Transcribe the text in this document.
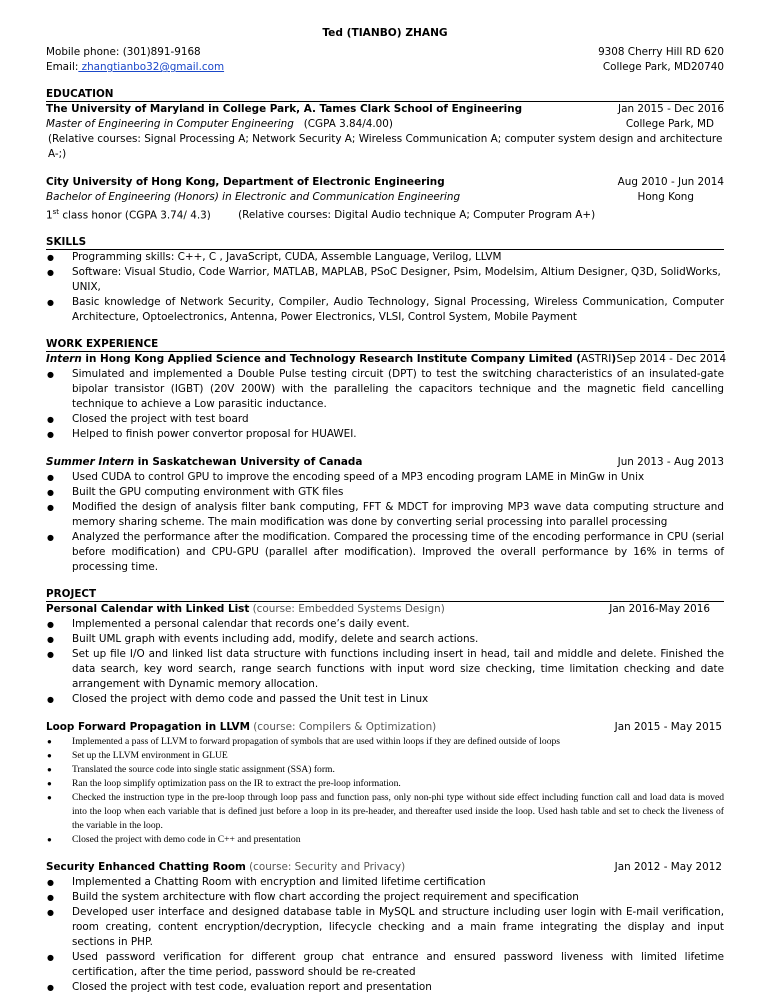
Ted (TIANBO) ZHANG
Mobile phone: (301)891-9168	9308 Cherry Hill RD 620
Email: zhangtianbo32@gmail.com	College Park, MD20740
EDUCATION
The University of Maryland in College Park, A. Tames Clark School of Engineering	Jan 2015 - Dec 2016
Master of Engineering in Computer Engineering (CGPA 3.84/4.00)	College Park, MD
(Relative courses: Signal Processing A; Network Security A; Wireless Communication A; computer system design and architecture A-;)
City University of Hong Kong, Department of Electronic Engineering	Aug 2010 - Jun 2014
Bachelor of Engineering (Honors) in Electronic and Communication Engineering	Hong Kong
1st class honor (CGPA 3.74/ 4.3)	(Relative courses: Digital Audio technique A; Computer Program A+)
SKILLS
● Programming skills: C++, C , JavaScript, CUDA, Assemble Language, Verilog, LLVM
● Software: Visual Studio, Code Warrior, MATLAB, MAPLAB, PSoC Designer, Psim, Modelsim, Altium Designer, Q3D, SolidWorks, UNIX,
● Basic knowledge of Network Security, Compiler, Audio Technology, Signal Processing, Wireless Communication, Computer Architecture, Optoelectronics, Antenna, Power Electronics, VLSI, Control System, Mobile Payment
WORK EXPERIENCE
Intern in Hong Kong Applied Science and Technology Research Institute Company Limited (ASTRI) Sep 2014 - Dec 2014
● Simulated and implemented a Double Pulse testing circuit (DPT) to test the switching characteristics of an insulated-gate bipolar transistor (IGBT) (20V 200W) with the paralleling the capacitors technique and the magnetic field cancelling technique to achieve a Low parasitic inductance.
● Closed the project with test board
● Helped to finish power convertor proposal for HUAWEI.
Summer Intern in Saskatchewan University of Canada	Jun 2013 - Aug 2013
● Used CUDA to control GPU to improve the encoding speed of a MP3 encoding program LAME in MinGw in Unix
● Built the GPU computing environment with GTK files
● Modified the design of analysis filter bank computing, FFT & MDCT for improving MP3 wave data computing structure and memory sharing scheme. The main modification was done by converting serial processing into parallel processing
● Analyzed the performance after the modification. Compared the processing time of the encoding performance in CPU (serial before modification) and CPU-GPU (parallel after modification). Improved the overall performance by 16% in terms of processing time.
PROJECT
Personal Calendar with Linked List (course: Embedded Systems Design)	Jan 2016-May 2016
● Implemented a personal calendar that records one’s daily event.
● Built UML graph with events including add, modify, delete and search actions.
● Set up file I/O and linked list data structure with functions including insert in head, tail and middle and delete. Finished the data search, key word search, range search functions with input word size checking, time limitation checking and date arrangement with Dynamic memory allocation.
● Closed the project with demo code and passed the Unit test in Linux
Loop Forward Propagation in LLVM (course: Compilers & Optimization)	Jan 2015 - May 2015
● Implemented a pass of LLVM to forward propagation of symbols that are used within loops if they are defined outside of loops
● Set up the LLVM environment in GLUE
● Translated the source code into single static assignment (SSA) form.
● Ran the loop simplify optimization pass on the IR to extract the pre-loop information.
● Checked the instruction type in the pre-loop through loop pass and function pass, only non-phi type without side effect including function call and load data is moved into the loop when each variable that is defined just before a loop in its pre-header, and thereafter used inside the loop. Used hash table and set to check the liveness of the variable in the loop.
● Closed the project with demo code in C++ and presentation
Security Enhanced Chatting Room (course: Security and Privacy)	Jan 2012 - May 2012
● Implemented a Chatting Room with encryption and limited lifetime certification
● Build the system architecture with flow chart according the project requirement and specification
● Developed user interface and designed database table in MySQL and structure including user login with E-mail verification, room creating, content encryption/decryption, lifecycle checking and a main frame integrating the display and input sections in PHP.
● Used password verification for different group chat entrance and ensured password liveness with limited lifetime certification, after the time period, password should be re-created
● Closed the project with test code, evaluation report and presentation
